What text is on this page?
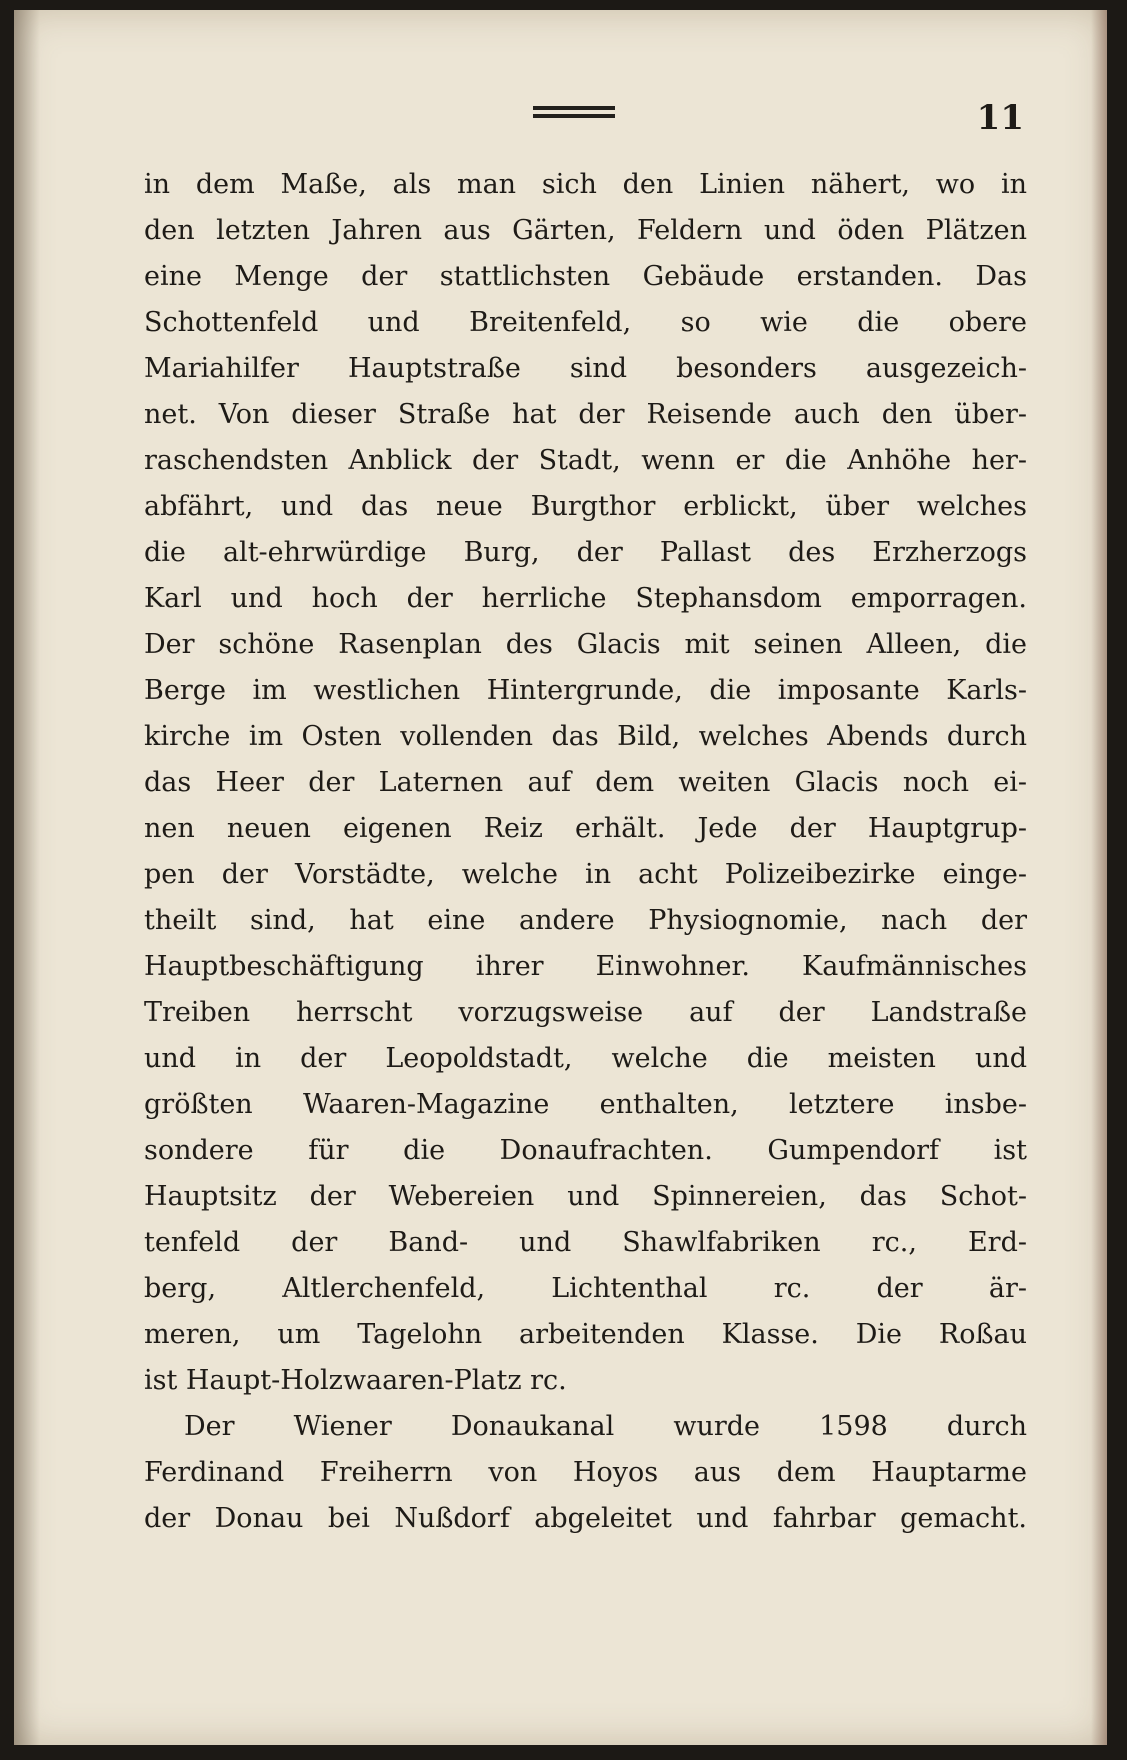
11
in dem Maße, als man sich den Linien nähert, wo in
den letzten Jahren aus Gärten, Feldern und öden Plätzen
eine Menge der stattlichsten Gebäude erstanden. Das
Schottenfeld und Breitenfeld, so wie die obere
Mariahilfer Hauptstraße sind besonders ausgezeich-
net. Von dieser Straße hat der Reisende auch den über-
raschendsten Anblick der Stadt, wenn er die Anhöhe her-
abfährt, und das neue Burgthor erblickt, über welches
die alt-ehrwürdige Burg, der Pallast des Erzherzogs
Karl und hoch der herrliche Stephansdom emporragen.
Der schöne Rasenplan des Glacis mit seinen Alleen, die
Berge im westlichen Hintergrunde, die imposante Karls-
kirche im Osten vollenden das Bild, welches Abends durch
das Heer der Laternen auf dem weiten Glacis noch ei-
nen neuen eigenen Reiz erhält. Jede der Hauptgrup-
pen der Vorstädte, welche in acht Polizeibezirke einge-
theilt sind, hat eine andere Physiognomie, nach der
Hauptbeschäftigung ihrer Einwohner. Kaufmännisches
Treiben herrscht vorzugsweise auf der Landstraße
und in der Leopoldstadt, welche die meisten und
größten Waaren-Magazine enthalten, letztere insbe-
sondere für die Donaufrachten. Gumpendorf ist
Hauptsitz der Webereien und Spinnereien, das Schot-
tenfeld der Band- und Shawlfabriken rc., Erd-
berg, Altlerchenfeld, Lichtenthal rc. der är-
meren, um Tagelohn arbeitenden Klasse. Die Roßau
ist Haupt-Holzwaaren-Platz rc.
Der Wiener Donaukanal wurde 1598 durch
Ferdinand Freiherrn von Hoyos aus dem Hauptarme
der Donau bei Nußdorf abgeleitet und fahrbar gemacht.
